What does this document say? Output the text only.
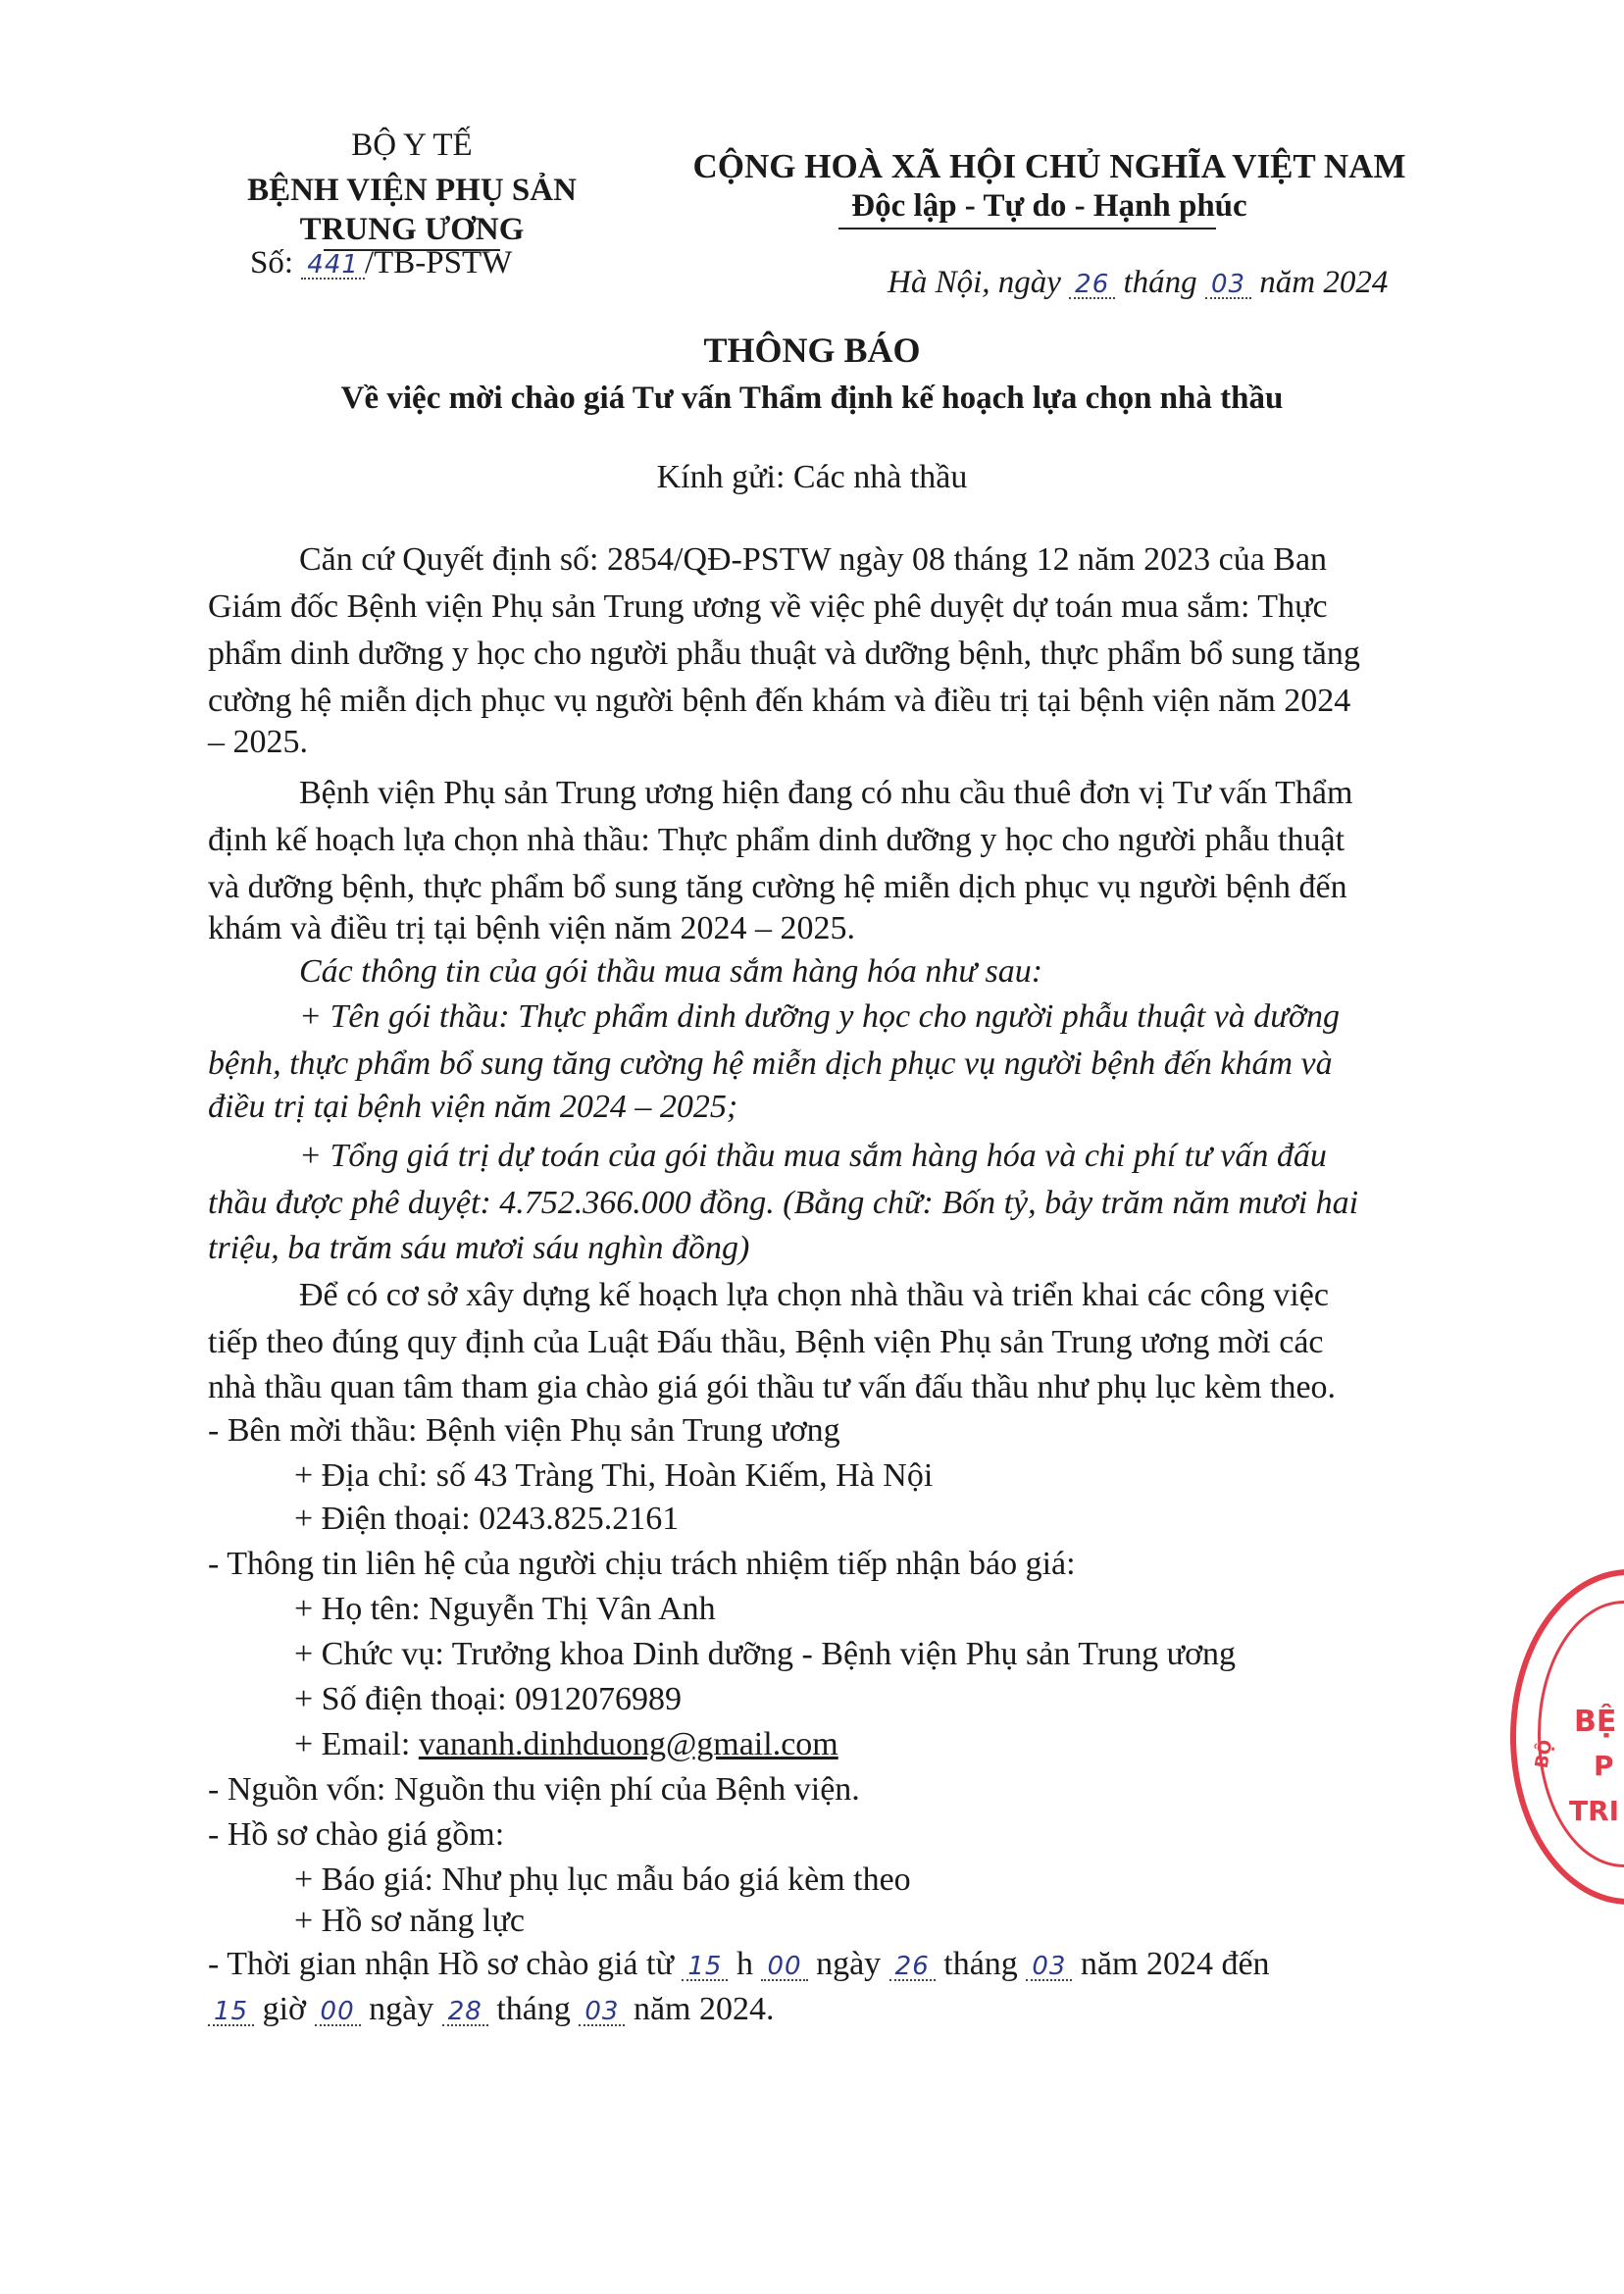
BỘ Y TẾ
BỆNH VIỆN PHỤ SẢN
TRUNG ƯƠNG
Số: 441 /TB-PSTW
CỘNG HOÀ XÃ HỘI CHỦ NGHĨA VIỆT NAM
Độc lập - Tự do - Hạnh phúc
Hà Nội, ngày 26 tháng 03 năm 2024
THÔNG BÁO
Về việc mời chào giá Tư vấn Thẩm định kế hoạch lựa chọn nhà thầu
Kính gửi: Các nhà thầu
Căn cứ Quyết định số: 2854/QĐ-PSTW ngày 08 tháng 12 năm 2023 của Ban
Giám đốc Bệnh viện Phụ sản Trung ương về việc phê duyệt dự toán mua sắm: Thực
phẩm dinh dưỡng y học cho người phẫu thuật và dưỡng bệnh, thực phẩm bổ sung tăng
cường hệ miễn dịch phục vụ người bệnh đến khám và điều trị tại bệnh viện năm 2024
– 2025.
Bệnh viện Phụ sản Trung ương hiện đang có nhu cầu thuê đơn vị Tư vấn Thẩm
định kế hoạch lựa chọn nhà thầu: Thực phẩm dinh dưỡng y học cho người phẫu thuật
và dưỡng bệnh, thực phẩm bổ sung tăng cường hệ miễn dịch phục vụ người bệnh đến
khám và điều trị tại bệnh viện năm 2024 – 2025.
Các thông tin của gói thầu mua sắm hàng hóa như sau:
+ Tên gói thầu: Thực phẩm dinh dưỡng y học cho người phẫu thuật và dưỡng
bệnh, thực phẩm bổ sung tăng cường hệ miễn dịch phục vụ người bệnh đến khám và
điều trị tại bệnh viện năm 2024 – 2025;
+ Tổng giá trị dự toán của gói thầu mua sắm hàng hóa và chi phí tư vấn đấu
thầu được phê duyệt: 4.752.366.000 đồng. (Bằng chữ: Bốn tỷ, bảy trăm năm mươi hai
triệu, ba trăm sáu mươi sáu nghìn đồng)
Để có cơ sở xây dựng kế hoạch lựa chọn nhà thầu và triển khai các công việc
tiếp theo đúng quy định của Luật Đấu thầu, Bệnh viện Phụ sản Trung ương mời các
nhà thầu quan tâm tham gia chào giá gói thầu tư vấn đấu thầu như phụ lục kèm theo.
- Bên mời thầu: Bệnh viện Phụ sản Trung ương
+ Địa chỉ: số 43 Tràng Thi, Hoàn Kiếm, Hà Nội
+ Điện thoại: 0243.825.2161
- Thông tin liên hệ của người chịu trách nhiệm tiếp nhận báo giá:
+ Họ tên: Nguyễn Thị Vân Anh
+ Chức vụ: Trưởng khoa Dinh dưỡng - Bệnh viện Phụ sản Trung ương
+ Số điện thoại: 0912076989
+ Email: vananh.dinhduong@gmail.com
- Nguồn vốn: Nguồn thu viện phí của Bệnh viện.
- Hồ sơ chào giá gồm:
+ Báo giá: Như phụ lục mẫu báo giá kèm theo
+ Hồ sơ năng lực
- Thời gian nhận Hồ sơ chào giá từ 15 h 00 ngày 26 tháng 03 năm 2024 đến
15 giờ 00 ngày 28 tháng 03 năm 2024.
BỆ
P
TRI
BỘ
